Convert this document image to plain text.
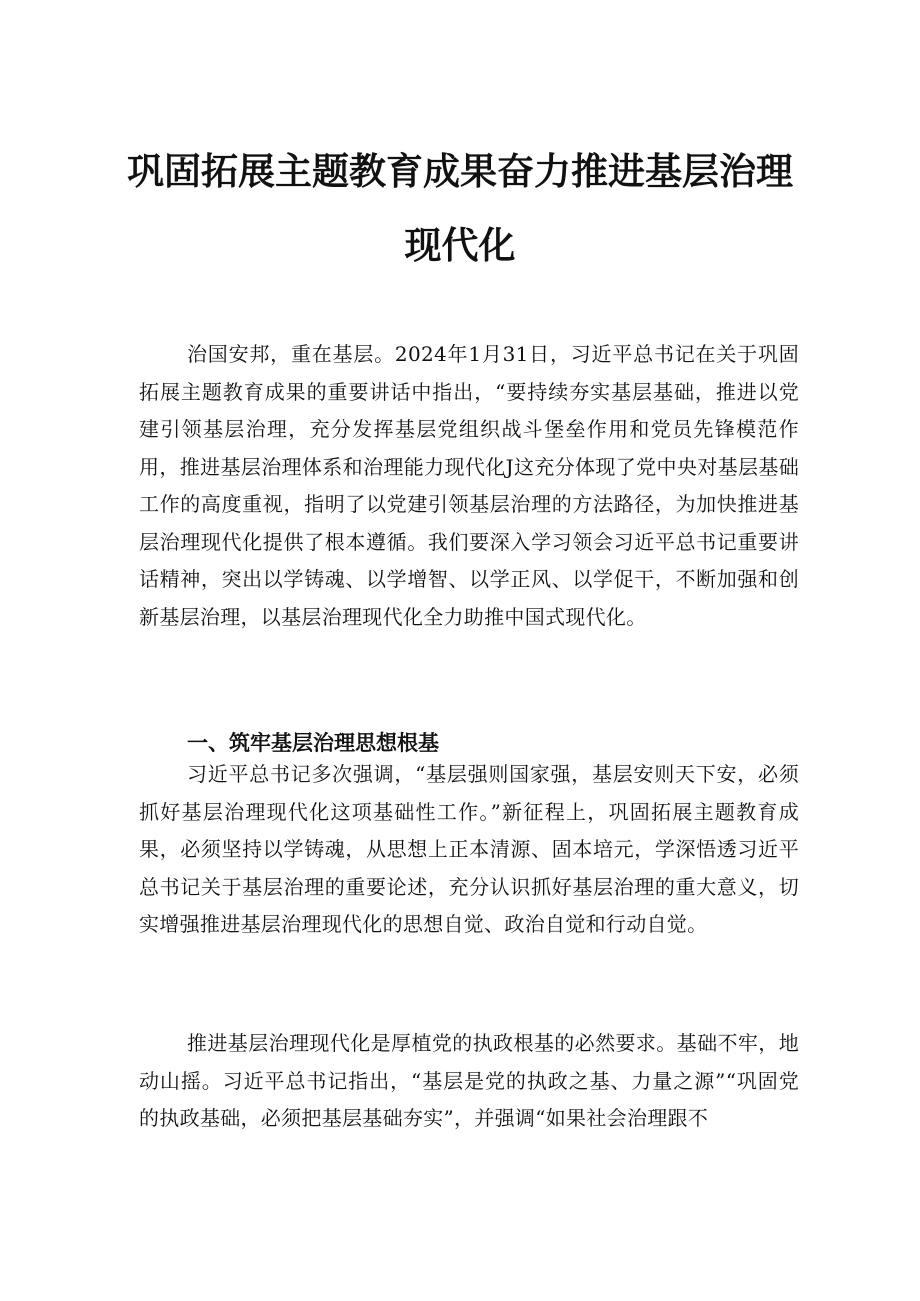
巩固拓展主题教育成果奋力推进基层治理
现代化

治国安邦，重在基层。2024年1月31日，习近平总书记在关于巩固拓展主题教育成果的重要讲话中指出，“要持续夯实基层基础，推进以党建引领基层治理，充分发挥基层党组织战斗堡垒作用和党员先锋模范作用，推进基层治理体系和治理能力现代化J这充分体现了党中央对基层基础工作的高度重视，指明了以党建引领基层治理的方法路径，为加快推进基层治理现代化提供了根本遵循。我们要深入学习领会习近平总书记重要讲话精神，突出以学铸魂、以学增智、以学正风、以学促干，不断加强和创新基层治理，以基层治理现代化全力助推中国式现代化。

一、筑牢基层治理思想根基

习近平总书记多次强调，“基层强则国家强，基层安则天下安，必须抓好基层治理现代化这项基础性工作。”新征程上，巩固拓展主题教育成果，必须坚持以学铸魂，从思想上正本清源、固本培元，学深悟透习近平总书记关于基层治理的重要论述，充分认识抓好基层治理的重大意义，切实增强推进基层治理现代化的思想自觉、政治自觉和行动自觉。

推进基层治理现代化是厚植党的执政根基的必然要求。基础不牢，地动山摇。习近平总书记指出，“基层是党的执政之基、力量之源”“巩固党的执政基础，必须把基层基础夯实”，并强调“如果社会治理跟不
